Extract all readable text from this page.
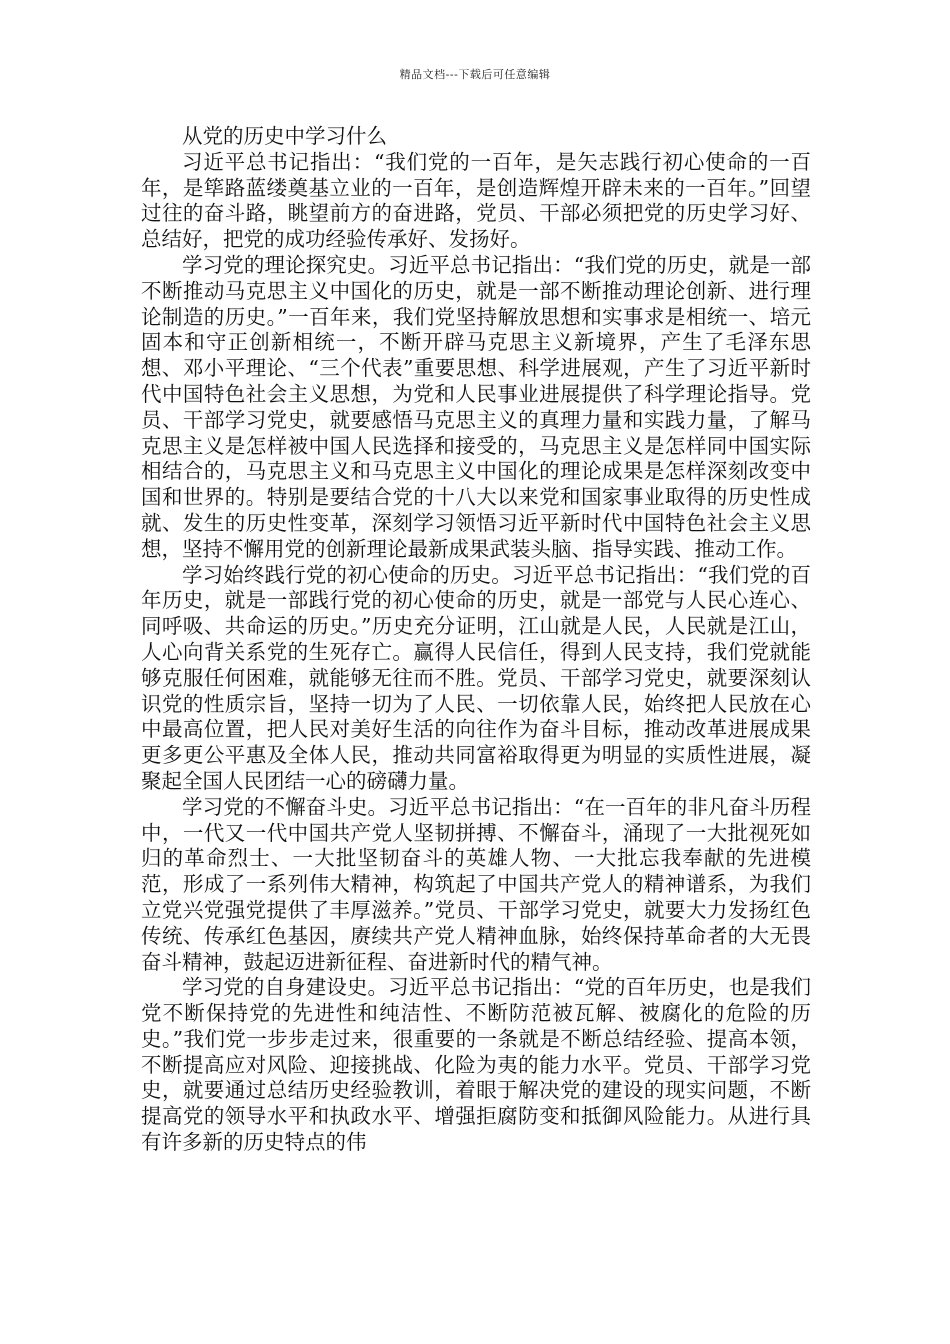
精品文档---下载后可任意编辑
从党的历史中学习什么

习近平总书记指出：“我们党的一百年，是矢志践行初心使命的一百年，是筚路蓝缕奠基立业的一百年，是创造辉煌开辟未来的一百年。”回望过往的奋斗路，眺望前方的奋进路，党员、干部必须把党的历史学习好、总结好，把党的成功经验传承好、发扬好。

学习党的理论探究史。习近平总书记指出：“我们党的历史，就是一部不断推动马克思主义中国化的历史，就是一部不断推动理论创新、进行理论制造的历史。”一百年来，我们党坚持解放思想和实事求是相统一、培元固本和守正创新相统一，不断开辟马克思主义新境界，产生了毛泽东思想、邓小平理论、“三个代表”重要思想、科学进展观，产生了习近平新时代中国特色社会主义思想，为党和人民事业进展提供了科学理论指导。党员、干部学习党史，就要感悟马克思主义的真理力量和实践力量，了解马克思主义是怎样被中国人民选择和接受的，马克思主义是怎样同中国实际相结合的，马克思主义和马克思主义中国化的理论成果是怎样深刻改变中国和世界的。特别是要结合党的十八大以来党和国家事业取得的历史性成就、发生的历史性变革，深刻学习领悟习近平新时代中国特色社会主义思想，坚持不懈用党的创新理论最新成果武装头脑、指导实践、推动工作。

学习始终践行党的初心使命的历史。习近平总书记指出：“我们党的百年历史，就是一部践行党的初心使命的历史，就是一部党与人民心连心、同呼吸、共命运的历史。”历史充分证明，江山就是人民，人民就是江山，人心向背关系党的生死存亡。赢得人民信任，得到人民支持，我们党就能够克服任何困难，就能够无往而不胜。党员、干部学习党史，就要深刻认识党的性质宗旨，坚持一切为了人民、一切依靠人民，始终把人民放在心中最高位置，把人民对美好生活的向往作为奋斗目标，推动改革进展成果更多更公平惠及全体人民，推动共同富裕取得更为明显的实质性进展，凝聚起全国人民团结一心的磅礴力量。

学习党的不懈奋斗史。习近平总书记指出：“在一百年的非凡奋斗历程中，一代又一代中国共产党人坚韧拼搏、不懈奋斗，涌现了一大批视死如归的革命烈士、一大批坚韧奋斗的英雄人物、一大批忘我奉献的先进模范，形成了一系列伟大精神，构筑起了中国共产党人的精神谱系，为我们立党兴党强党提供了丰厚滋养。”党员、干部学习党史，就要大力发扬红色传统、传承红色基因，赓续共产党人精神血脉，始终保持革命者的大无畏奋斗精神，鼓起迈进新征程、奋进新时代的精气神。

学习党的自身建设史。习近平总书记指出：“党的百年历史，也是我们党不断保持党的先进性和纯洁性、不断防范被瓦解、被腐化的危险的历史。”我们党一步步走过来，很重要的一条就是不断总结经验、提高本领，不断提高应对风险、迎接挑战、化险为夷的能力水平。党员、干部学习党史，就要通过总结历史经验教训，着眼于解决党的建设的现实问题，不断提高党的领导水平和执政水平、增强拒腐防变和抵御风险能力。从进行具有许多新的历史特点的伟
